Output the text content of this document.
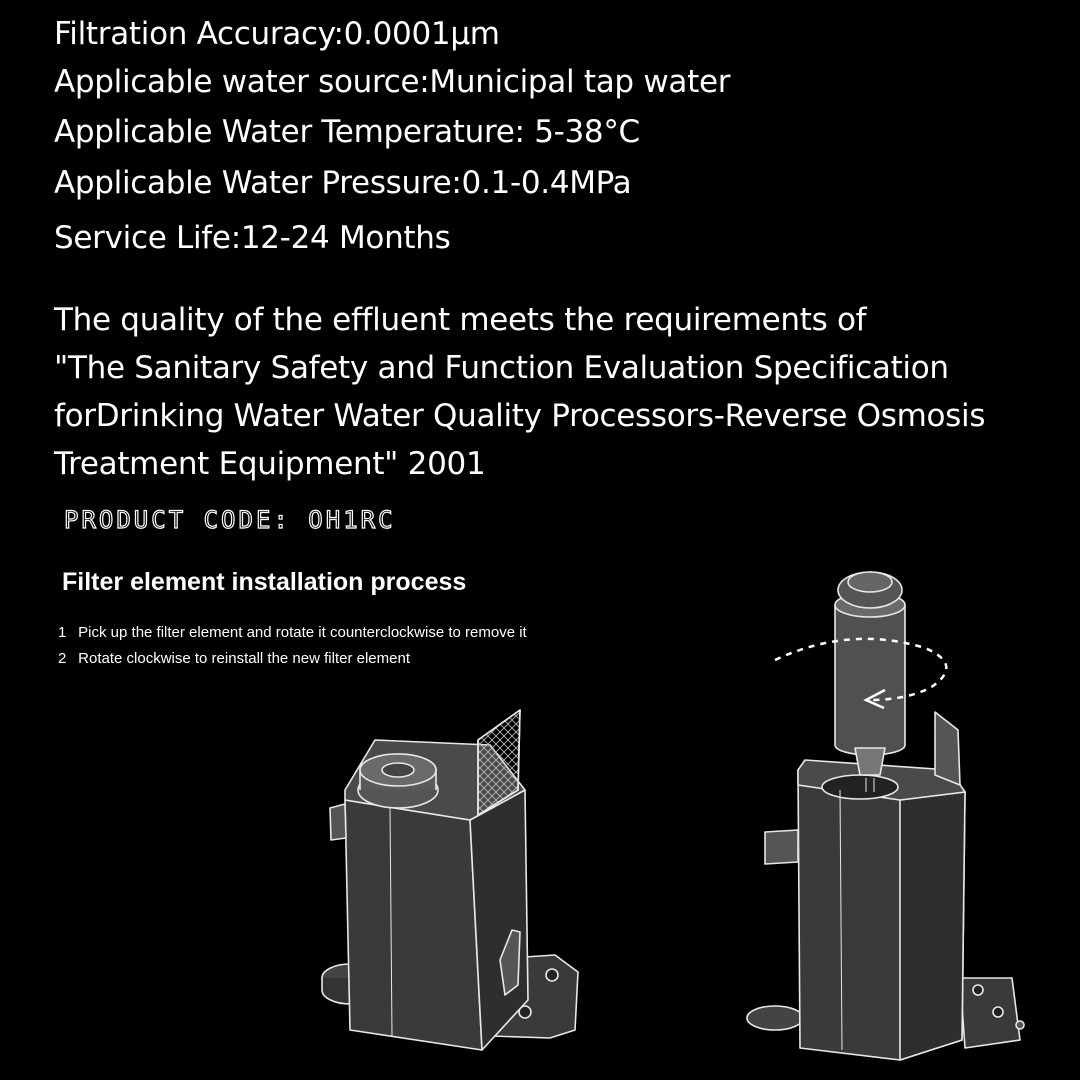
Filtration Accuracy:0.0001μm
Applicable water source:Municipal tap water
Applicable Water Temperature: 5-38°C
Applicable Water Pressure:0.1-0.4MPa
Service Life:12-24 Months
The quality of the effluent meets the requirements of
"The Sanitary Safety and Function Evaluation Specification
forDrinking Water Water Quality Processors-Reverse Osmosis
Treatment Equipment" 2001
PRODUCT CODE: OH1RC
Filter element installation process
1 Pick up the filter element and rotate it counterclockwise to remove it
2 Rotate clockwise to reinstall the new filter element
